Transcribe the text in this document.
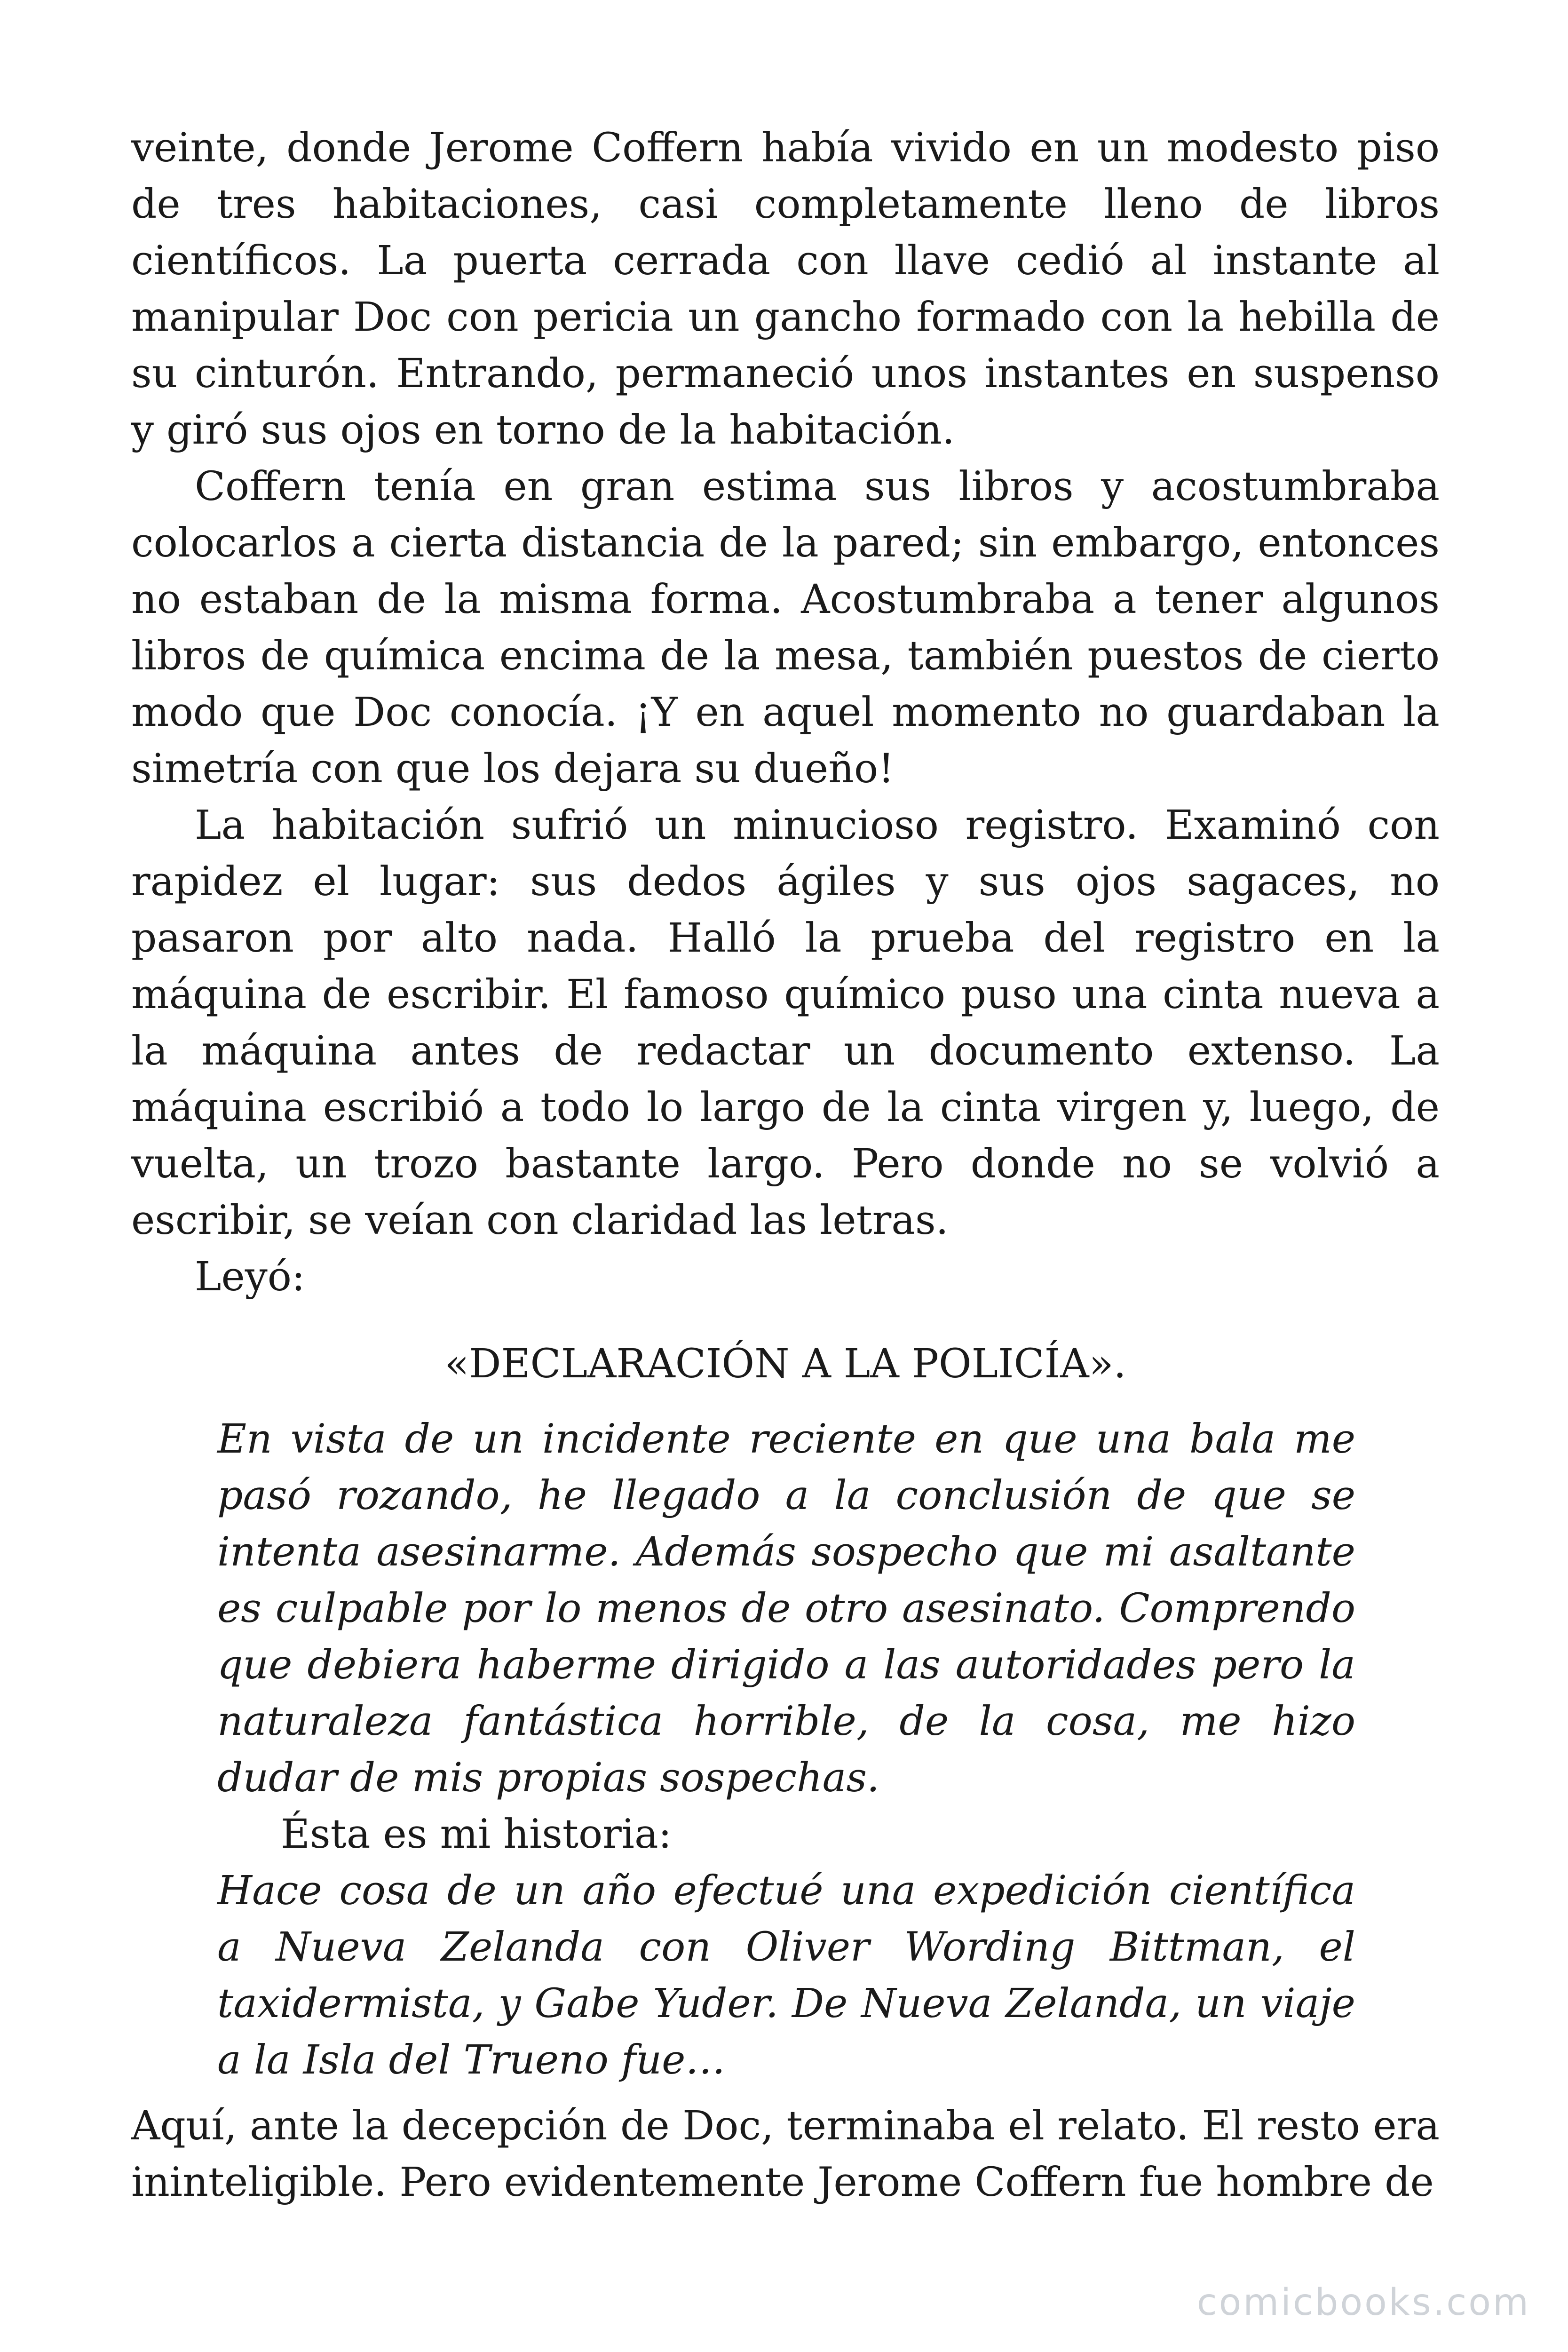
veinte, donde Jerome Coffern había vivido en un modesto piso de tres habitaciones, casi completamente lleno de libros científicos. La puerta cerrada con llave cedió al instante al manipular Doc con pericia un gancho formado con la hebilla de su cinturón. Entrando, permaneció unos instantes en suspenso y giró sus ojos en torno de la habitación.

Coffern tenía en gran estima sus libros y acostumbraba colocarlos a cierta distancia de la pared; sin embargo, entonces no estaban de la misma forma. Acostumbraba a tener algunos libros de química encima de la mesa, también puestos de cierto modo que Doc conocía. ¡Y en aquel momento no guardaban la simetría con que los dejara su dueño!

La habitación sufrió un minucioso registro. Examinó con rapidez el lugar: sus dedos ágiles y sus ojos sagaces, no pasaron por alto nada. Halló la prueba del registro en la máquina de escribir. El famoso químico puso una cinta nueva a la máquina antes de redactar un documento extenso. La máquina escribió a todo lo largo de la cinta virgen y, luego, de vuelta, un trozo bastante largo. Pero donde no se volvió a escribir, se veían con claridad las letras.

Leyó:

«DECLARACIÓN A LA POLICÍA».

En vista de un incidente reciente en que una bala me pasó rozando, he llegado a la conclusión de que se intenta asesinarme. Además sospecho que mi asaltante es culpable por lo menos de otro asesinato. Comprendo que debiera haberme dirigido a las autoridades pero la naturaleza fantástica horrible, de la cosa, me hizo dudar de mis propias sospechas.

Ésta es mi historia:

Hace cosa de un año efectué una expedición científica a Nueva Zelanda con Oliver Wording Bittman, el taxidermista, y Gabe Yuder. De Nueva Zelanda, un viaje a la Isla del Trueno fue…

Aquí, ante la decepción de Doc, terminaba el relato. El resto era ininteligible. Pero evidentemente Jerome Coffern fue hombre de

comicbooks.com
